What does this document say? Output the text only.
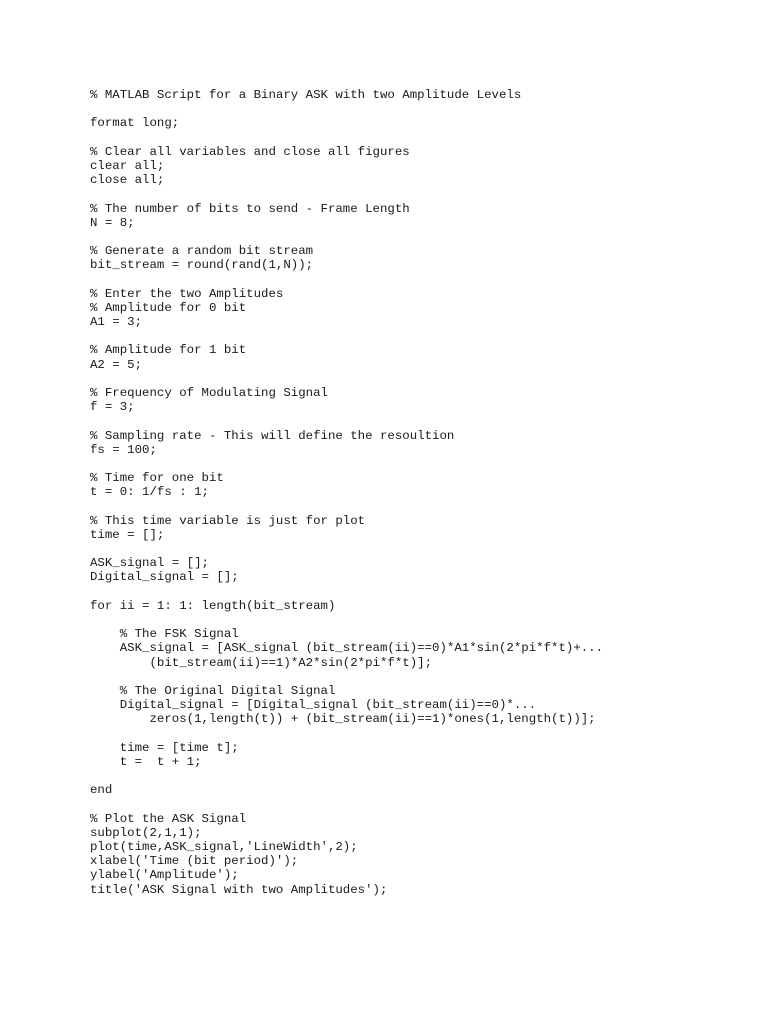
% MATLAB Script for a Binary ASK with two Amplitude Levels

format long;

% Clear all variables and close all figures
clear all;
close all;

% The number of bits to send - Frame Length
N = 8;

% Generate a random bit stream
bit_stream = round(rand(1,N));

% Enter the two Amplitudes
% Amplitude for 0 bit
A1 = 3;

% Amplitude for 1 bit
A2 = 5;

% Frequency of Modulating Signal
f = 3;

% Sampling rate - This will define the resoultion
fs = 100;

% Time for one bit
t = 0: 1/fs : 1;

% This time variable is just for plot
time = [];

ASK_signal = [];
Digital_signal = [];

for ii = 1: 1: length(bit_stream)

% The FSK Signal
ASK_signal = [ASK_signal (bit_stream(ii)==0)*A1*sin(2*pi*f*t)+...
(bit_stream(ii)==1)*A2*sin(2*pi*f*t)];

% The Original Digital Signal
Digital_signal = [Digital_signal (bit_stream(ii)==0)*...
zeros(1,length(t)) + (bit_stream(ii)==1)*ones(1,length(t))];

time = [time t];
t =  t + 1;

end

% Plot the ASK Signal
subplot(2,1,1);
plot(time,ASK_signal,'LineWidth',2);
xlabel('Time (bit period)');
ylabel('Amplitude');
title('ASK Signal with two Amplitudes');
